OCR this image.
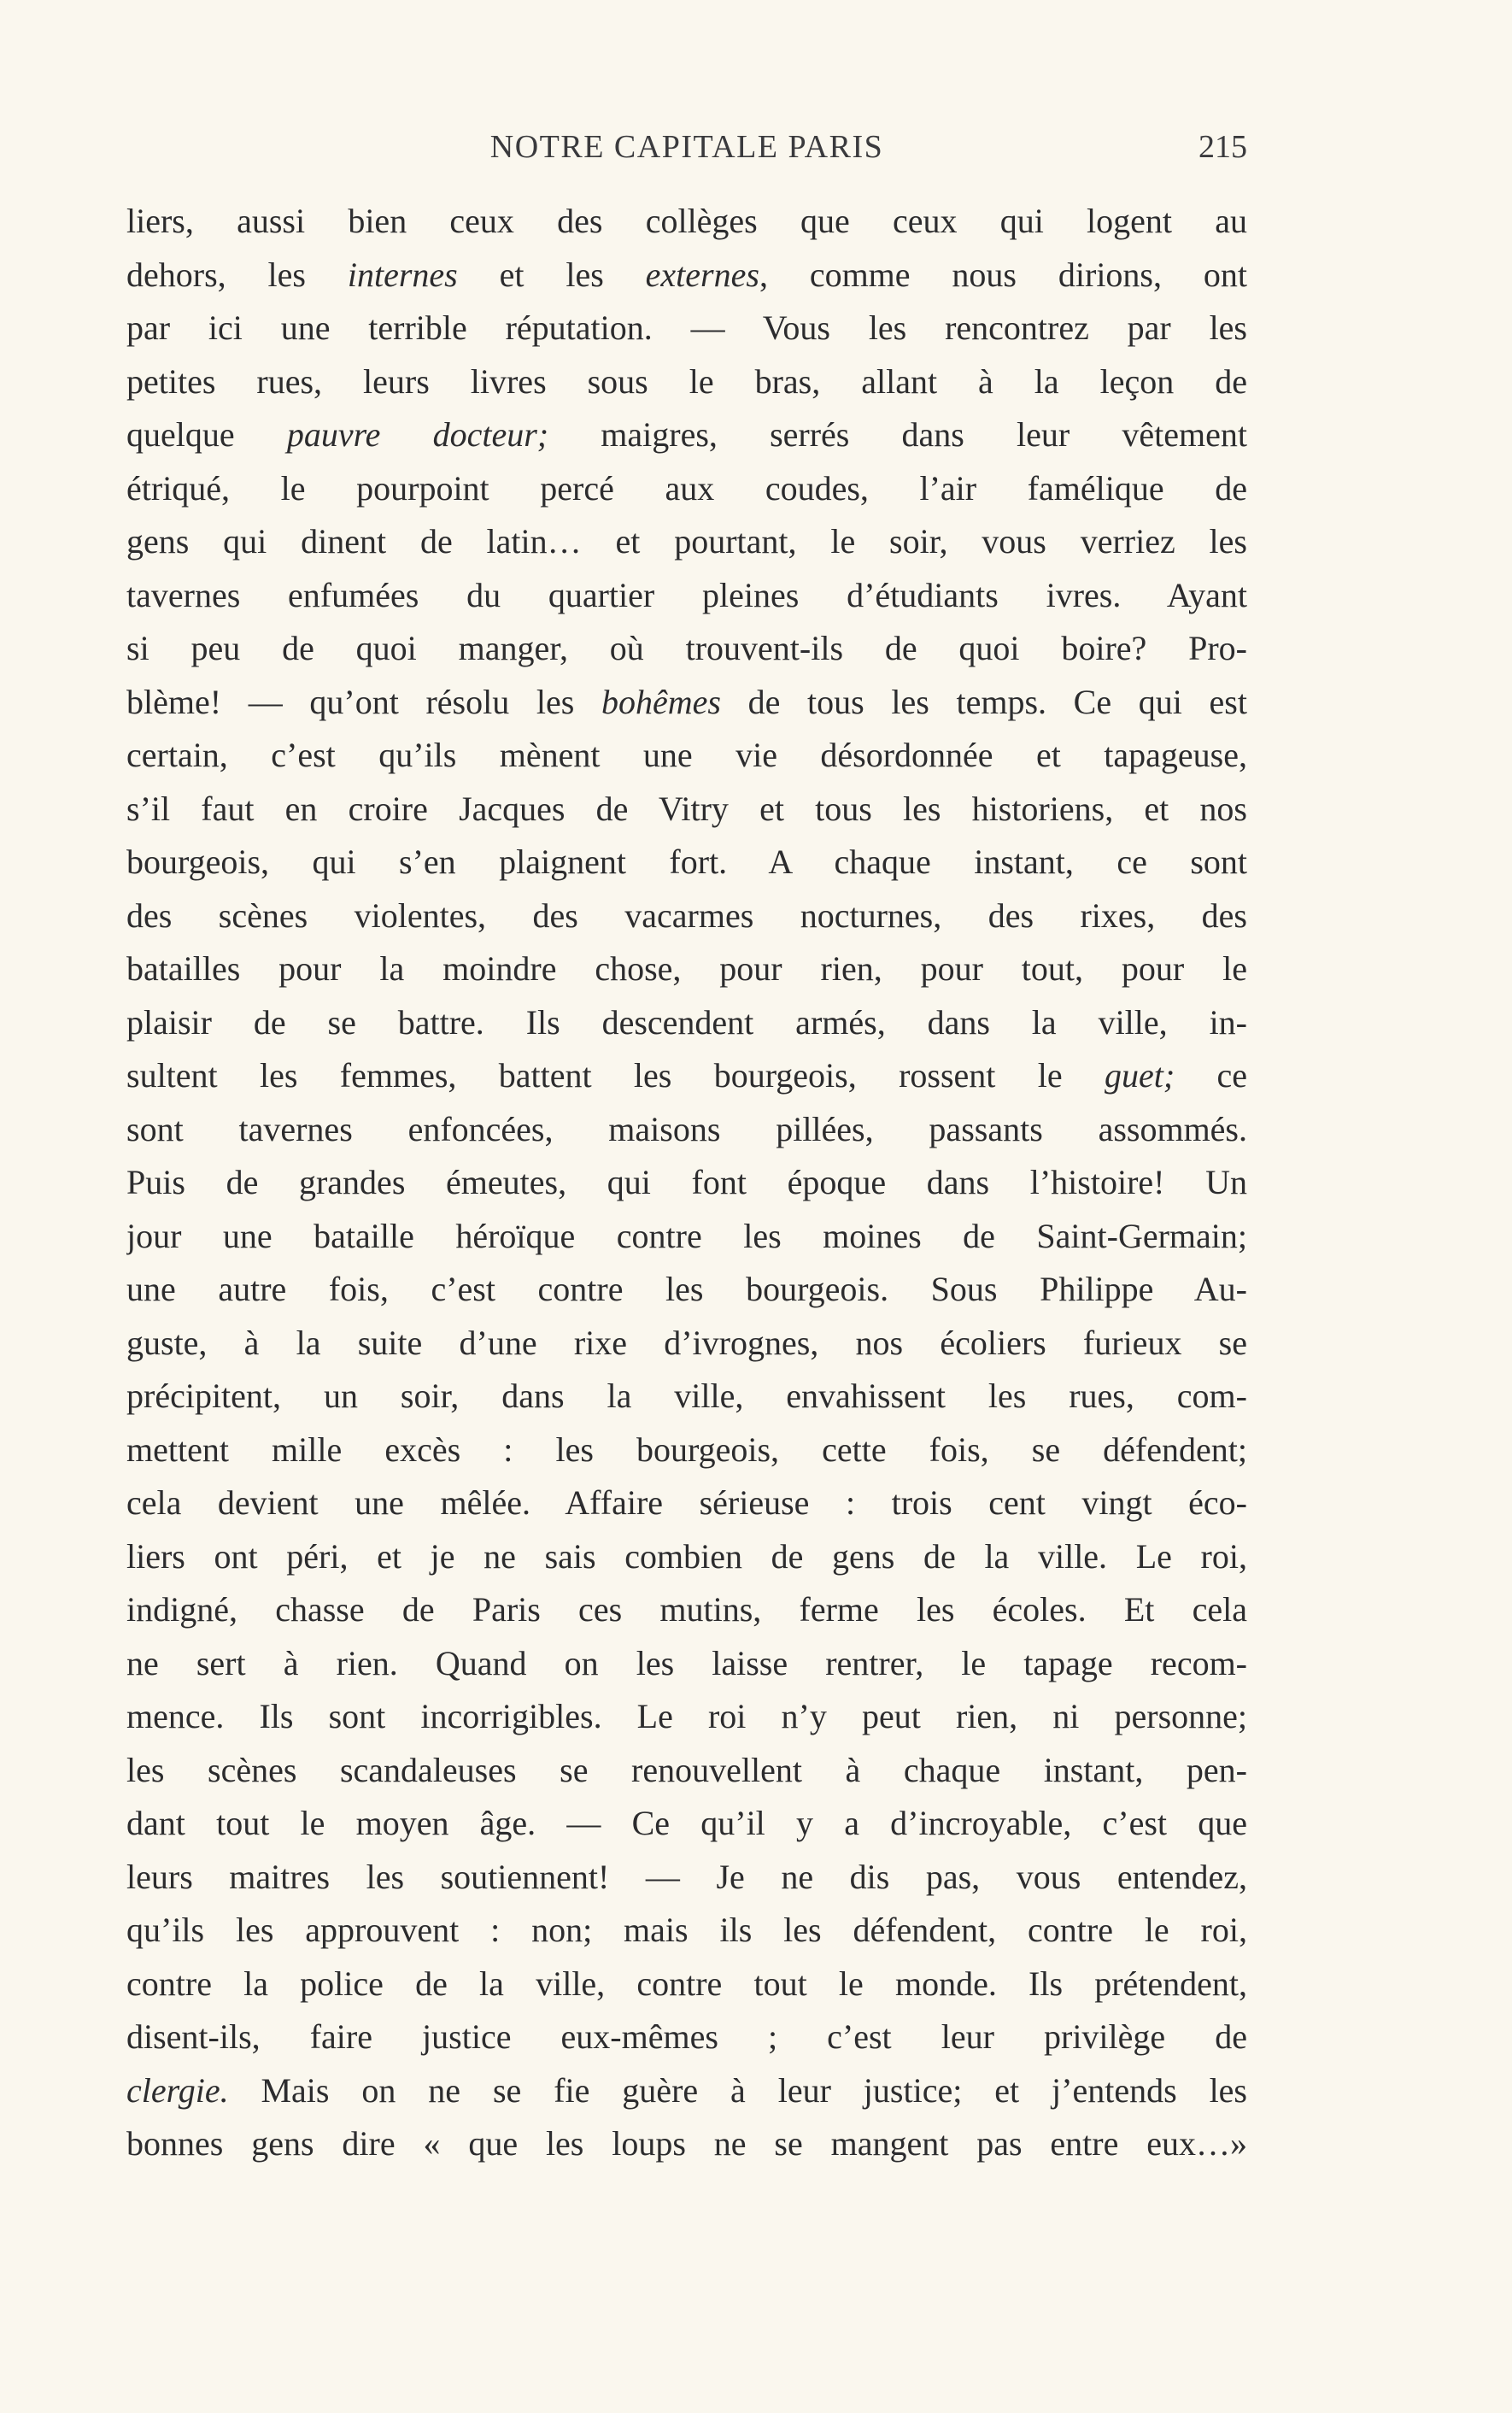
NOTRE CAPITALE PARIS	215
liers, aussi bien ceux des collèges que ceux qui logent au
dehors, les internes et les externes, comme nous dirions, ont
par ici une terrible réputation. — Vous les rencontrez par les
petites rues, leurs livres sous le bras, allant à la leçon de
quelque pauvre docteur; maigres, serrés dans leur vêtement
étriqué, le pourpoint percé aux coudes, l’air famélique de
gens qui dinent de latin… et pourtant, le soir, vous verriez les
tavernes enfumées du quartier pleines d’étudiants ivres. Ayant
si peu de quoi manger, où trouvent-ils de quoi boire? Pro-
blème! — qu’ont résolu les bohêmes de tous les temps. Ce qui est
certain, c’est qu’ils mènent une vie désordonnée et tapageuse,
s’il faut en croire Jacques de Vitry et tous les historiens, et nos
bourgeois, qui s’en plaignent fort. A chaque instant, ce sont
des scènes violentes, des vacarmes nocturnes, des rixes, des
batailles pour la moindre chose, pour rien, pour tout, pour le
plaisir de se battre. Ils descendent armés, dans la ville, in-
sultent les femmes, battent les bourgeois, rossent le guet; ce
sont tavernes enfoncées, maisons pillées, passants assommés.
Puis de grandes émeutes, qui font époque dans l’histoire! Un
jour une bataille héroïque contre les moines de Saint-Germain;
une autre fois, c’est contre les bourgeois. Sous Philippe Au-
guste, à la suite d’une rixe d’ivrognes, nos écoliers furieux se
précipitent, un soir, dans la ville, envahissent les rues, com-
mettent mille excès : les bourgeois, cette fois, se défendent;
cela devient une mêlée. Affaire sérieuse : trois cent vingt éco-
liers ont péri, et je ne sais combien de gens de la ville. Le roi,
indigné, chasse de Paris ces mutins, ferme les écoles. Et cela
ne sert à rien. Quand on les laisse rentrer, le tapage recom-
mence. Ils sont incorrigibles. Le roi n’y peut rien, ni personne;
les scènes scandaleuses se renouvellent à chaque instant, pen-
dant tout le moyen âge. — Ce qu’il y a d’incroyable, c’est que
leurs maitres les soutiennent! — Je ne dis pas, vous entendez,
qu’ils les approuvent : non; mais ils les défendent, contre le roi,
contre la police de la ville, contre tout le monde. Ils prétendent,
disent-ils, faire justice eux-mêmes ; c’est leur privilège de
clergie. Mais on ne se fie guère à leur justice; et j’entends les
bonnes gens dire « que les loups ne se mangent pas entre eux…»
